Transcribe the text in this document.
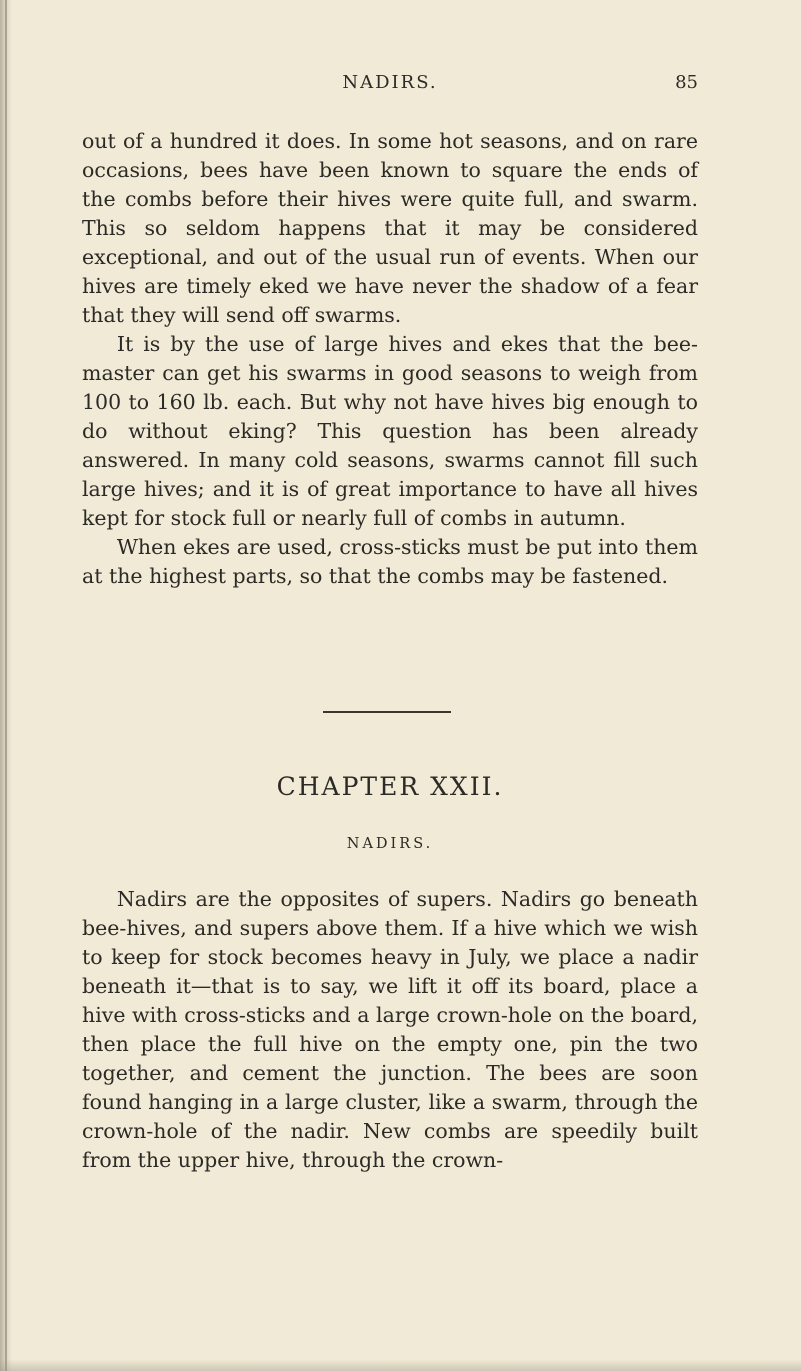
NADIRS.	85

out of a hundred it does. In some hot seasons, and on rare occasions, bees have been known to square the ends of the combs before their hives were quite full, and swarm. This so seldom happens that it may be considered exceptional, and out of the usual run of events. When our hives are timely eked we have never the shadow of a fear that they will send off swarms.

It is by the use of large hives and ekes that the bee-master can get his swarms in good seasons to weigh from 100 to 160 lb. each. But why not have hives big enough to do without eking? This question has been already answered. In many cold seasons, swarms cannot fill such large hives; and it is of great importance to have all hives kept for stock full or nearly full of combs in autumn.

When ekes are used, cross-sticks must be put into them at the highest parts, so that the combs may be fastened.

CHAPTER XXII.
NADIRS.

Nadirs are the opposites of supers. Nadirs go beneath bee-hives, and supers above them. If a hive which we wish to keep for stock becomes heavy in July, we place a nadir beneath it—that is to say, we lift it off its board, place a hive with cross-sticks and a large crown-hole on the board, then place the full hive on the empty one, pin the two together, and cement the junction. The bees are soon found hanging in a large cluster, like a swarm, through the crown-hole of the nadir. New combs are speedily built from the upper hive, through the crown-
